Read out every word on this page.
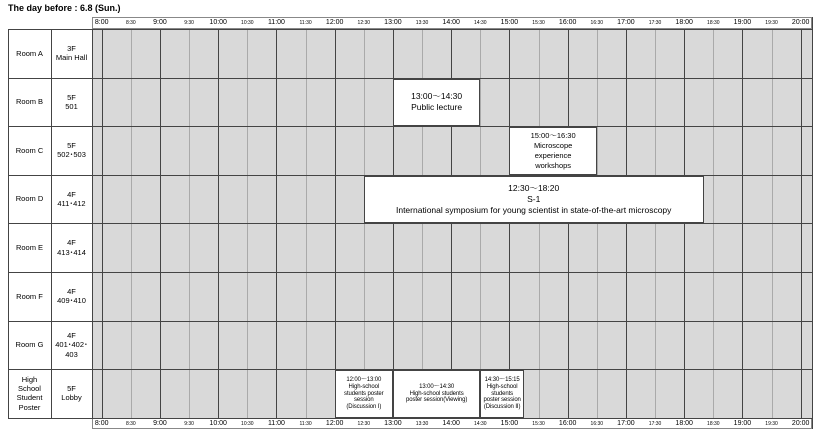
The day before : 6.8 (Sun.)
8:00
8:00
8:30
8:30
9:00
9:00
9:30
9:30
10:00
10:00
10:30
10:30
11:00
11:00
11:30
11:30
12:00
12:00
12:30
12:30
13:00
13:00
13:30
13:30
14:00
14:00
14:30
14:30
15:00
15:00
15:30
15:30
16:00
16:00
16:30
16:30
17:00
17:00
17:30
17:30
18:00
18:00
18:30
18:30
19:00
19:00
19:30
19:30
20:00
20:00
Room A
3F
Main Hall
Room B
5F
501
Room C
5F
502･503
Room D
4F
411･412
Room E
4F
413･414
Room F
4F
409･410
Room G
4F
401･402･
403
High
School
Student
Poster
5F
Lobby
13:00～14:30
Public lecture
15:00～16:30
Microscope
experience
workshops
12:30～18:20
S-1
International symposium for young scientist in state-of-the-art microscopy
12:00～13:00
High-school
students poster
session
(Discussion I)
13:00～14:30
High-school students
poster session(Viewing)
14:30～15:15
High-school
students
poster session
(Discussion II)
